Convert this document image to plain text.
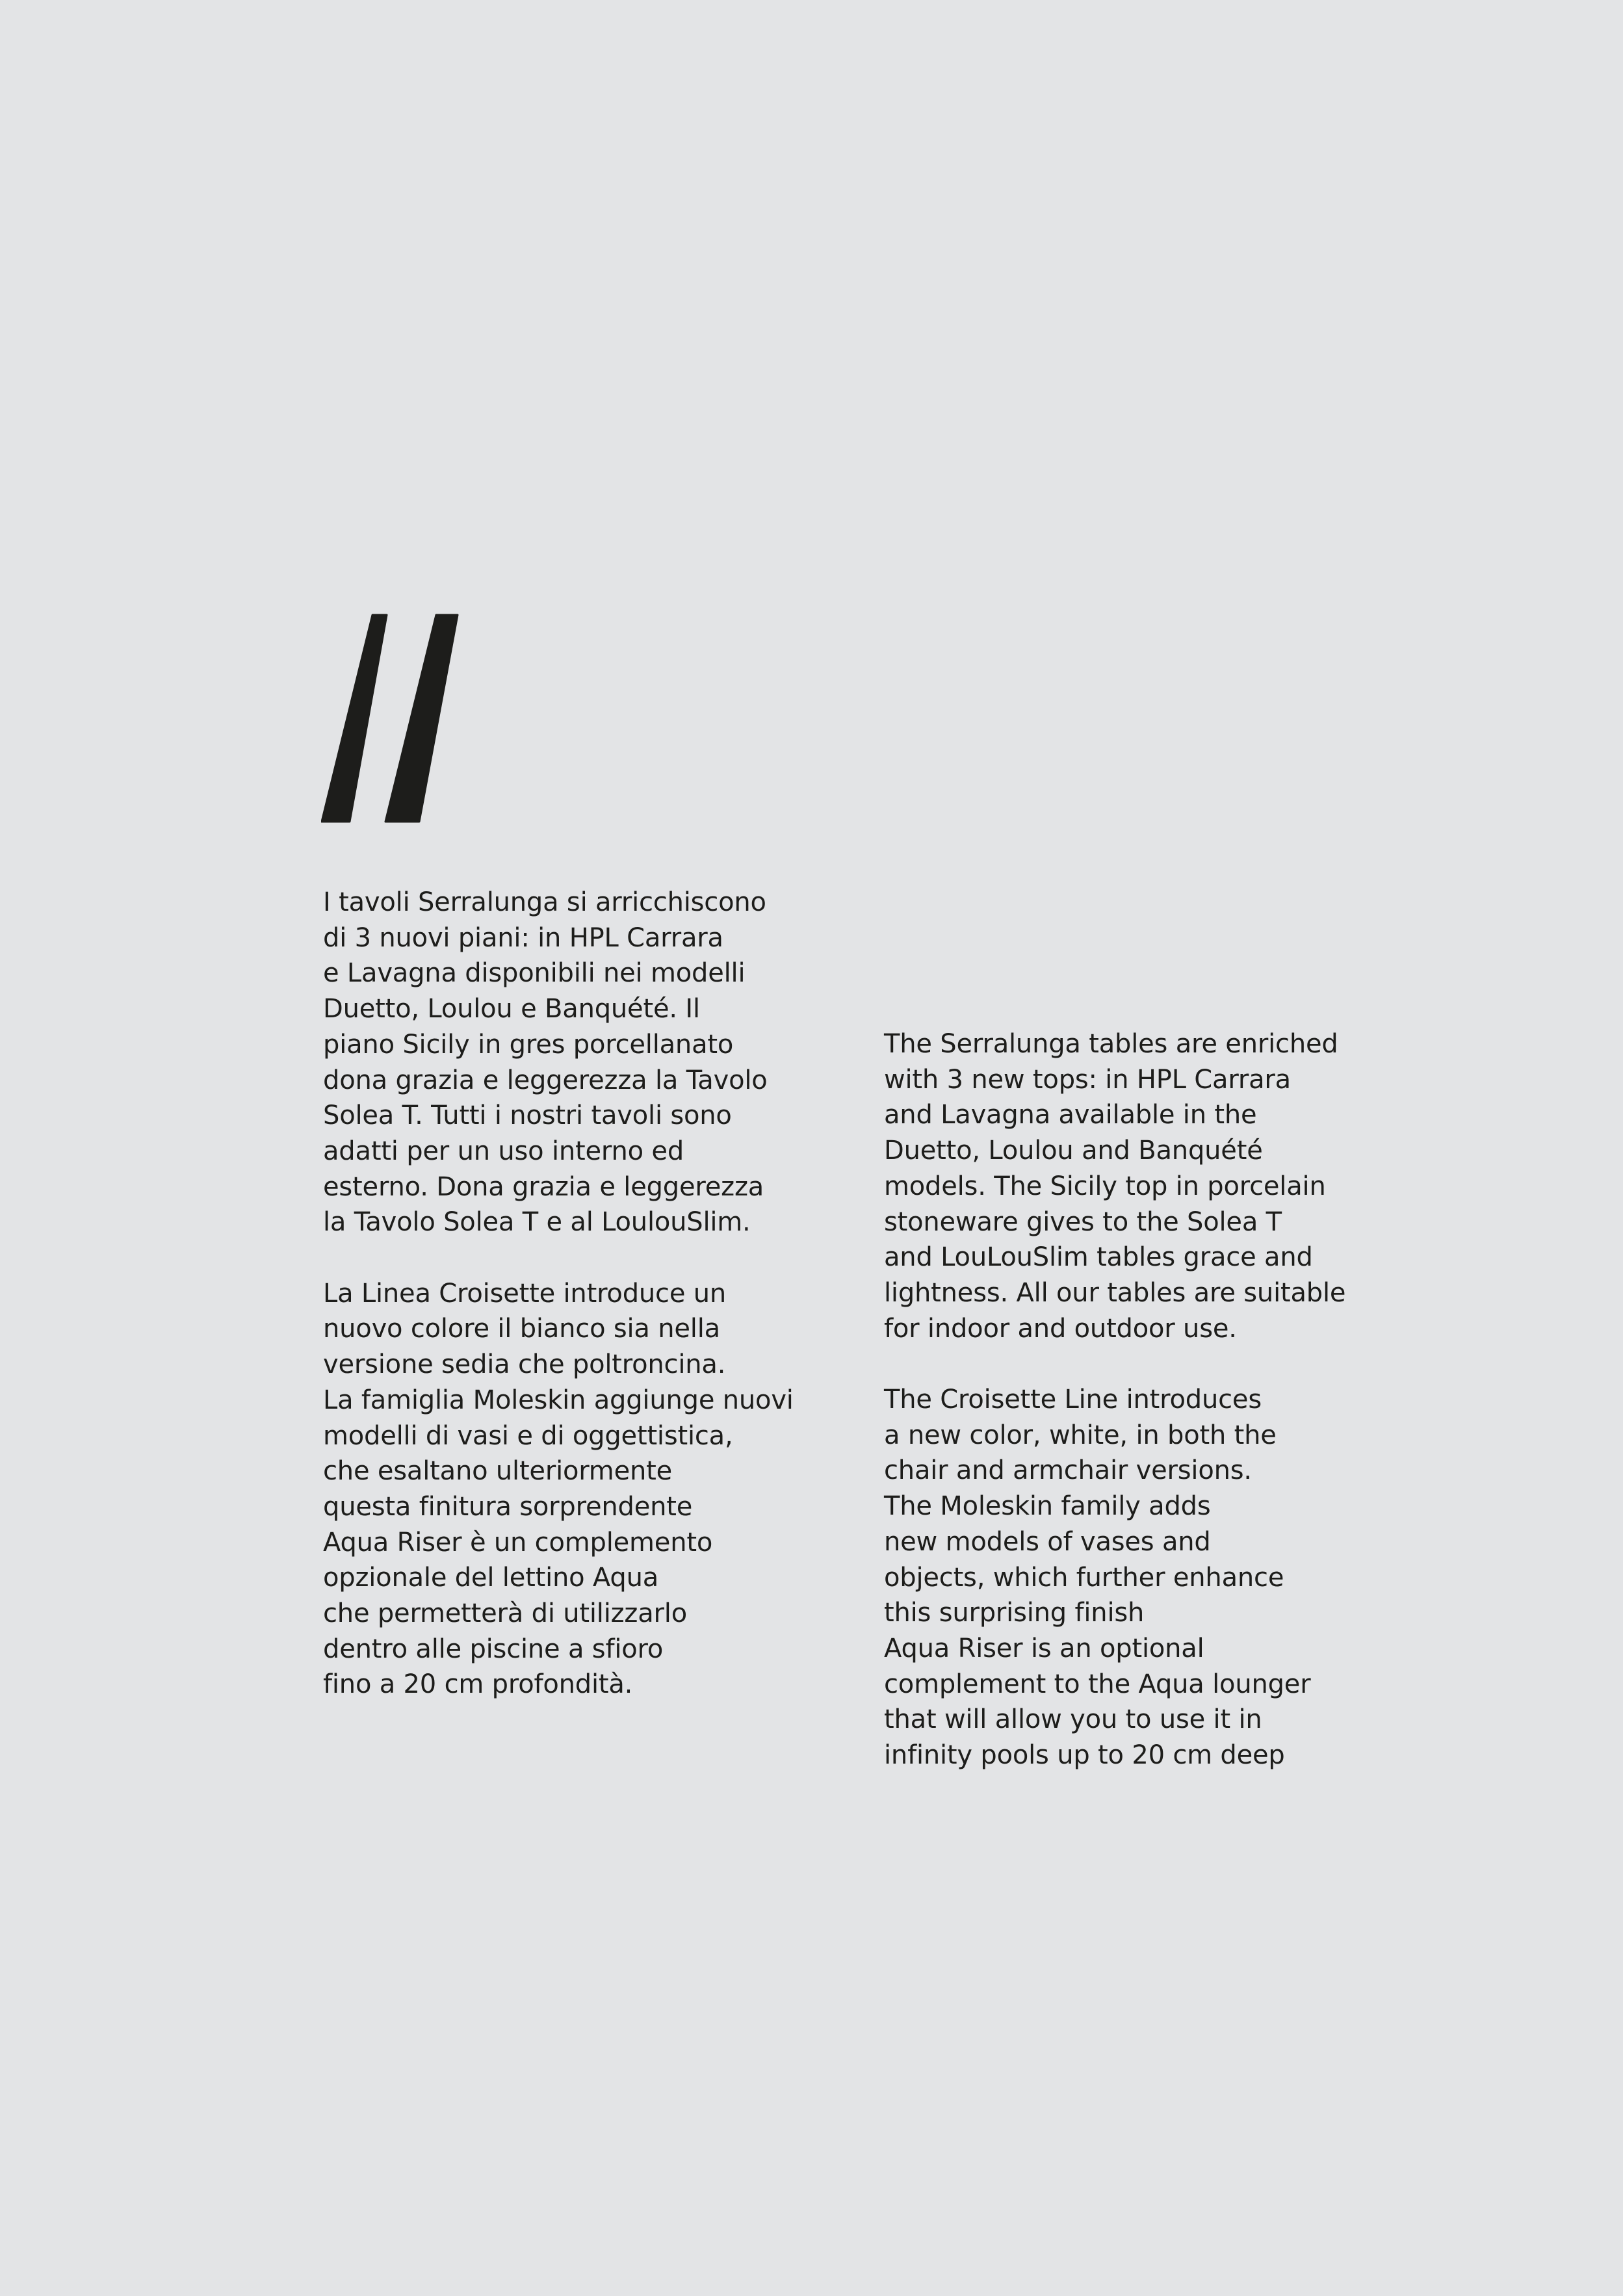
I tavoli Serralunga si arricchiscono
di 3 nuovi piani: in HPL Carrara
e Lavagna disponibili nei modelli
Duetto, Loulou e Banquété. Il
piano Sicily in gres porcellanato
dona grazia e leggerezza la Tavolo
Solea T. Tutti i nostri tavoli sono
adatti per un uso interno ed
esterno. Dona grazia e leggerezza
la Tavolo Solea T e al LoulouSlim.
La Linea Croisette introduce un
nuovo colore il bianco sia nella
versione sedia che poltroncina.
La famiglia Moleskin aggiunge nuovi
modelli di vasi e di oggettistica,
che esaltano ulteriormente
questa finitura sorprendente
Aqua Riser è un complemento
opzionale del lettino Aqua
che permetterà di utilizzarlo
dentro alle piscine a sfioro
fino a 20 cm profondità.
The Serralunga tables are enriched
with 3 new tops: in HPL Carrara
and Lavagna available in the
Duetto, Loulou and Banquété
models. The Sicily top in porcelain
stoneware gives to the Solea T
and LouLouSlim tables grace and
lightness. All our tables are suitable
for indoor and outdoor use.
The Croisette Line introduces
a new color, white, in both the
chair and armchair versions.
The Moleskin family adds
new models of vases and
objects, which further enhance
this surprising finish
Aqua Riser is an optional
complement to the Aqua lounger
that will allow you to use it in
infinity pools up to 20 cm deep
